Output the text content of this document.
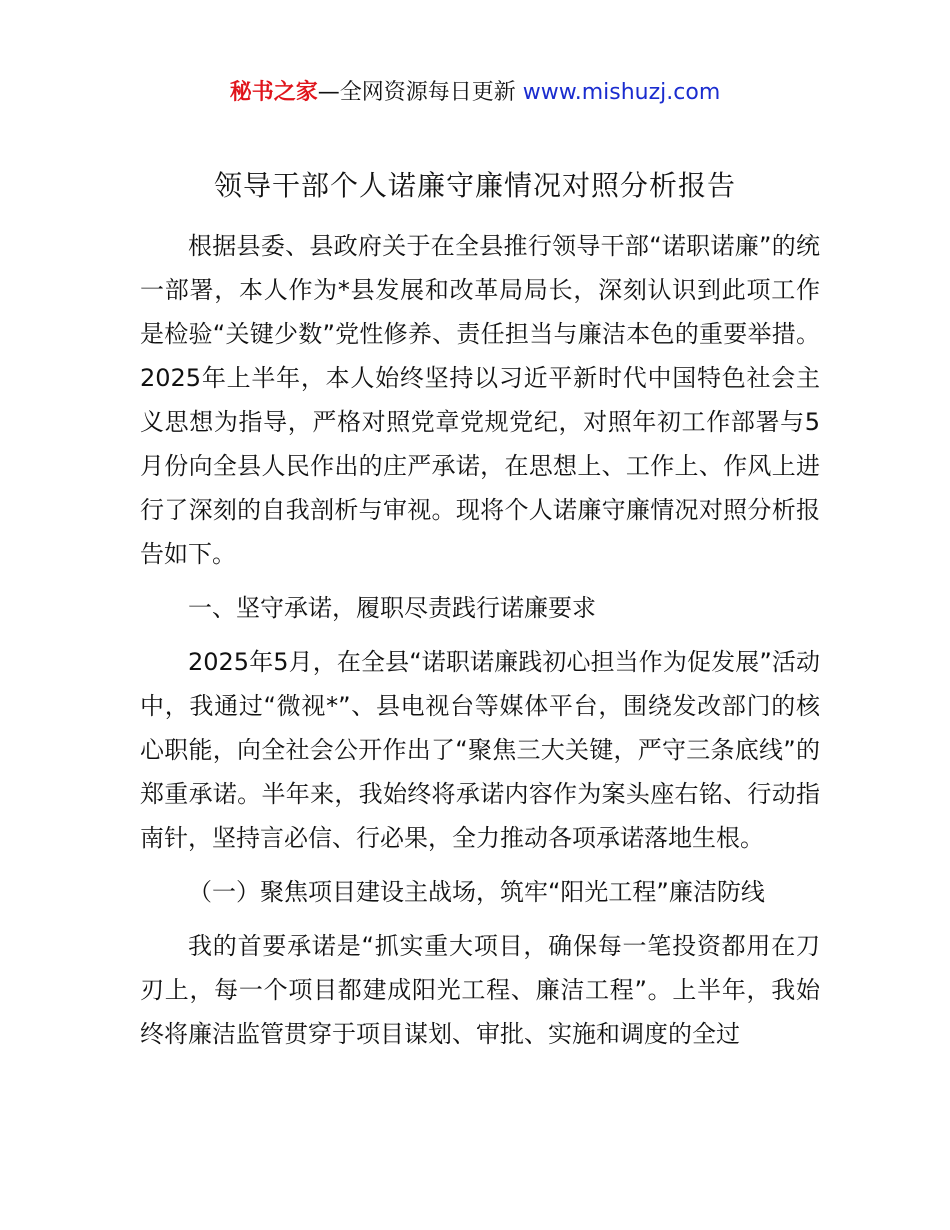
秘书之家—全网资源每日更新 www.mishuzj.com
领导干部个人诺廉守廉情况对照分析报告

根据县委、县政府关于在全县推行领导干部“诺职诺廉”的统一部署，本人作为*县发展和改革局局长，深刻认识到此项工作是检验“关键少数”党性修养、责任担当与廉洁本色的重要举措。2025年上半年，本人始终坚持以习近平新时代中国特色社会主义思想为指导，严格对照党章党规党纪，对照年初工作部署与5月份向全县人民作出的庄严承诺，在思想上、工作上、作风上进行了深刻的自我剖析与审视。现将个人诺廉守廉情况对照分析报告如下。

一、坚守承诺，履职尽责践行诺廉要求

2025年5月，在全县“诺职诺廉践初心担当作为促发展”活动中，我通过“微视*”、县电视台等媒体平台，围绕发改部门的核心职能，向全社会公开作出了“聚焦三大关键，严守三条底线”的郑重承诺。半年来，我始终将承诺内容作为案头座右铭、行动指南针，坚持言必信、行必果，全力推动各项承诺落地生根。

（一）聚焦项目建设主战场，筑牢“阳光工程”廉洁防线

我的首要承诺是“抓实重大项目，确保每一笔投资都用在刀刃上，每一个项目都建成阳光工程、廉洁工程”。上半年，我始终将廉洁监管贯穿于项目谋划、审批、实施和调度的全过
